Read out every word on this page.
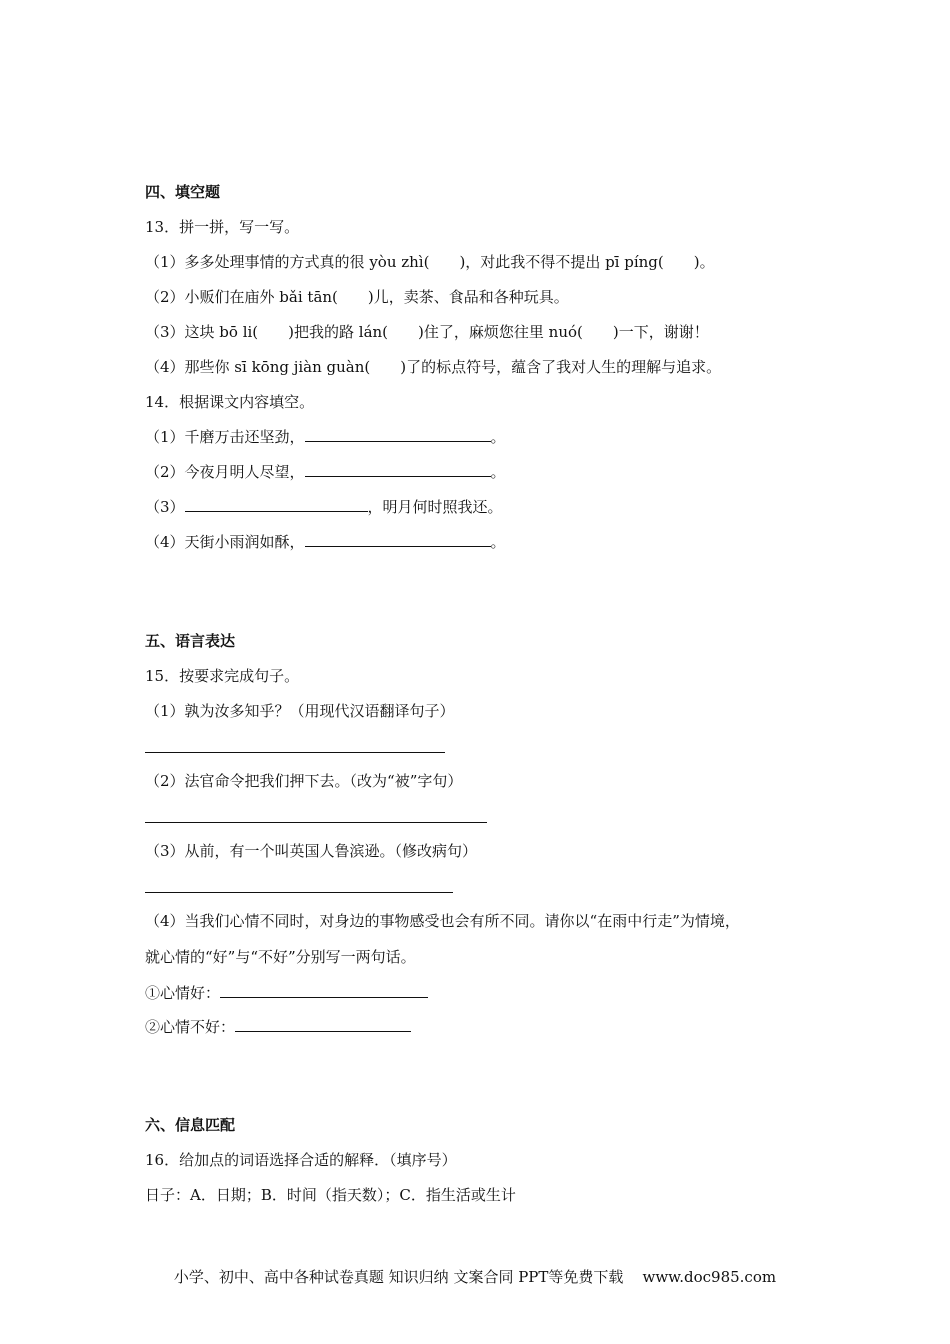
四、填空题
13．拼一拼，写一写。
（1）多多处理事情的方式真的很 yòu zhì(　　)，对此我不得不提出 pī píng(　　)。
（2）小贩们在庙外 bǎi tān(　　)儿，卖茶、食品和各种玩具。
（3）这块 bō li(　　)把我的路 lán(　　)住了，麻烦您往里 nuó(　　)一下，谢谢！
（4）那些你 sī kōng jiàn guàn(　　)了的标点符号，蕴含了我对人生的理解与追求。
14．根据课文内容填空。
（1）千磨万击还坚劲，	。
（2）今夜月明人尽望，	。
（3）	，明月何时照我还。
（4）天街小雨润如酥，	。
五、语言表达
15．按要求完成句子。
（1）孰为汝多知乎？（用现代汉语翻译句子）
（2）法官命令把我们押下去。（改为“被”字句）
（3）从前，有一个叫英国人鲁滨逊。（修改病句）
（4）当我们心情不同时，对身边的事物感受也会有所不同。请你以“在雨中行走”为情境，
就心情的“好”与“不好”分别写一两句话。
①心情好：
②心情不好：
六、信息匹配
16．给加点的词语选择合适的解释．（填序号）
日子：A．日期；B．时间（指天数）；C．指生活或生计
小学、初中、高中各种试卷真题 知识归纳 文案合同 PPT等免费下载 www.doc985.com
